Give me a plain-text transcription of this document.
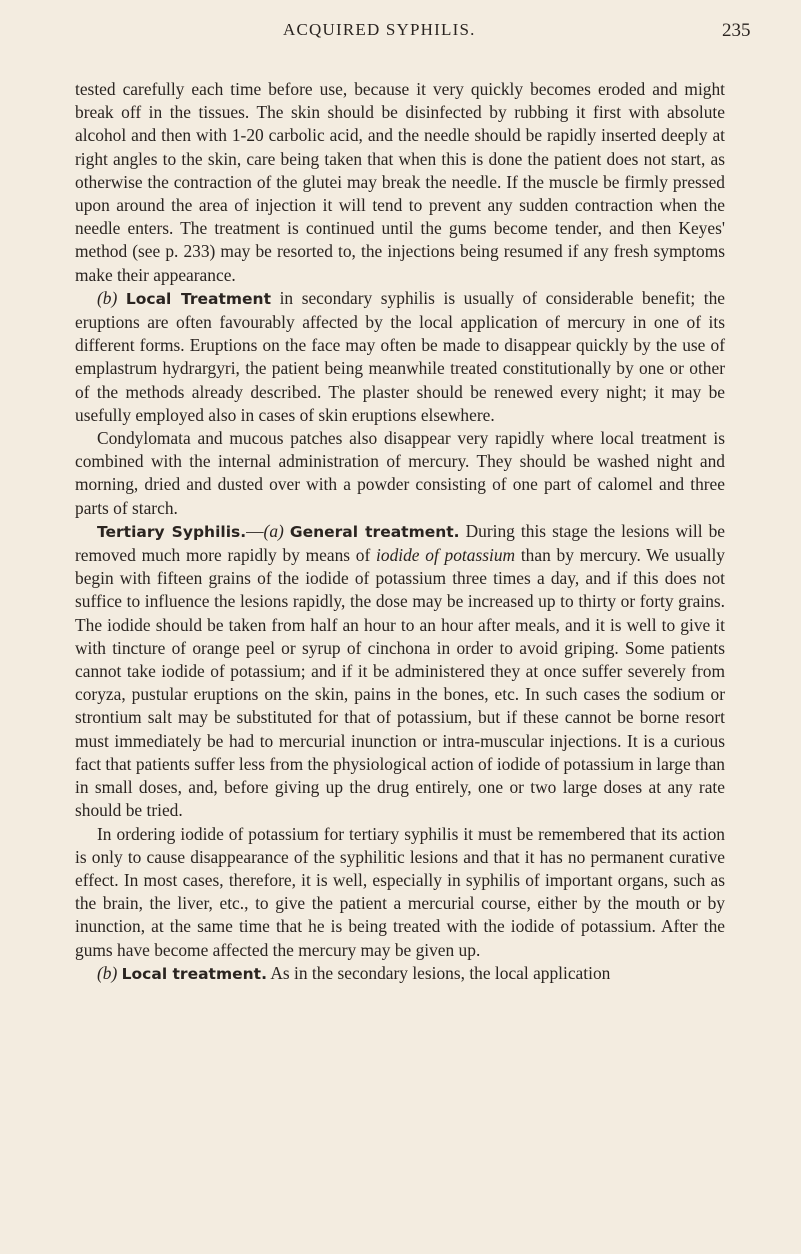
ACQUIRED SYPHILIS.	235

tested carefully each time before use, because it very quickly becomes eroded and might break off in the tissues. The skin should be disinfected by rubbing it first with absolute alcohol and then with 1-20 carbolic acid, and the needle should be rapidly inserted deeply at right angles to the skin, care being taken that when this is done the patient does not start, as otherwise the contraction of the glutei may break the needle. If the muscle be firmly pressed upon around the area of injection it will tend to prevent any sudden contraction when the needle enters. The treatment is continued until the gums become tender, and then Keyes' method (see p. 233) may be resorted to, the injections being resumed if any fresh symptoms make their appearance.

(b) Local Treatment in secondary syphilis is usually of considerable benefit; the eruptions are often favourably affected by the local application of mercury in one of its different forms. Eruptions on the face may often be made to disappear quickly by the use of emplastrum hydrargyri, the patient being meanwhile treated constitutionally by one or other of the methods already described. The plaster should be renewed every night; it may be usefully employed also in cases of skin eruptions elsewhere.

Condylomata and mucous patches also disappear very rapidly where local treatment is combined with the internal administration of mercury. They should be washed night and morning, dried and dusted over with a powder consisting of one part of calomel and three parts of starch.

Tertiary Syphilis.—(a) General treatment. During this stage the lesions will be removed much more rapidly by means of iodide of potassium than by mercury. We usually begin with fifteen grains of the iodide of potassium three times a day, and if this does not suffice to influence the lesions rapidly, the dose may be increased up to thirty or forty grains. The iodide should be taken from half an hour to an hour after meals, and it is well to give it with tincture of orange peel or syrup of cinchona in order to avoid griping. Some patients cannot take iodide of potassium; and if it be administered they at once suffer severely from coryza, pustular eruptions on the skin, pains in the bones, etc. In such cases the sodium or strontium salt may be substituted for that of potassium, but if these cannot be borne resort must immediately be had to mercurial inunction or intra-muscular injections. It is a curious fact that patients suffer less from the physiological action of iodide of potassium in large than in small doses, and, before giving up the drug entirely, one or two large doses at any rate should be tried.

In ordering iodide of potassium for tertiary syphilis it must be remembered that its action is only to cause disappearance of the syphilitic lesions and that it has no permanent curative effect. In most cases, therefore, it is well, especially in syphilis of important organs, such as the brain, the liver, etc., to give the patient a mercurial course, either by the mouth or by inunction, at the same time that he is being treated with the iodide of potassium. After the gums have become affected the mercury may be given up.

(b) Local treatment. As in the secondary lesions, the local application
